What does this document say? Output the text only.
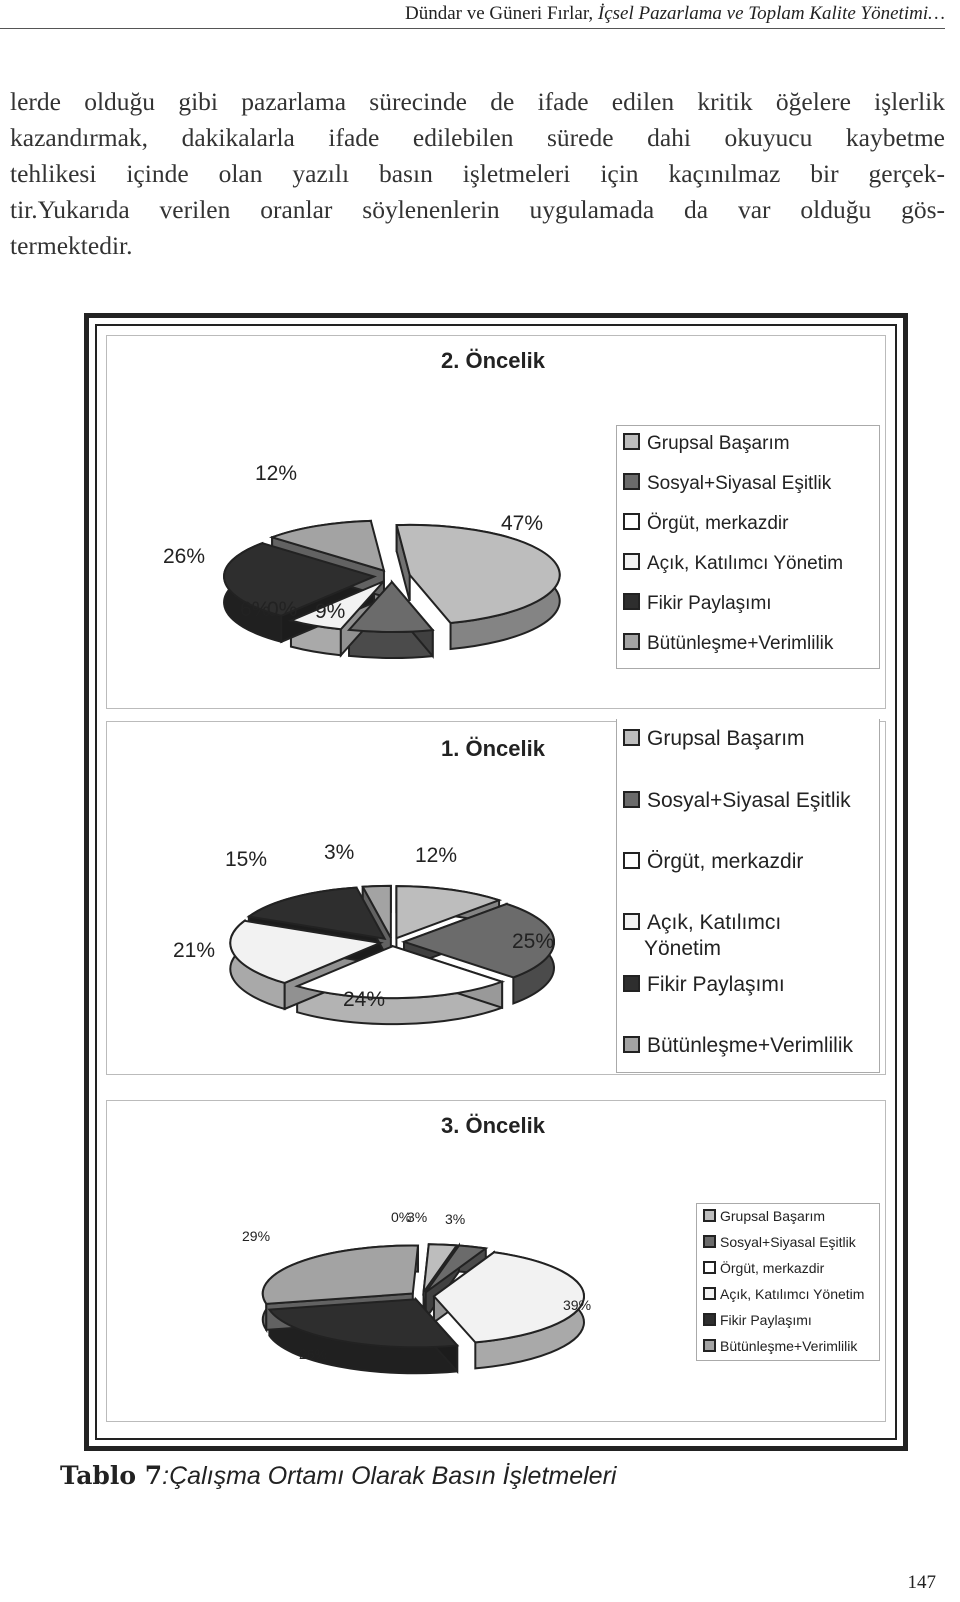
Dündar ve Güneri Fırlar, İçsel Pazarlama ve Toplam Kalite Yönetimi…
lerde olduğu gibi pazarlama sürecinde de ifade edilen kritik öğelere işlerlik
kazandırmak, dakikalarla ifade edilebilen sürede dahi okuyucu kaybetme
tehlikesi içinde olan yazılı basın işletmeleri için kaçınılmaz bir gerçek-
tir.Yukarıda verilen oranlar söylenenlerin uygulamada da var olduğu gös-
termektedir.
2. Öncelik
47%
9%
0%
6%
26%
12%
Grupsal Başarım
Sosyal+Siyasal Eşitlik
Örgüt, merkazdir
Açık, Katılımcı Yönetim
Fikir Paylaşımı
Bütünleşme+Verimlilik
1. Öncelik
12%
25%
24%
21%
15%	3%
Grupsal Başarım
Sosyal+Siyasal Eşitlik
Örgüt, merkazdir
Açık, Katılımcı
Yönetim
Fikir Paylaşımı
Bütünleşme+Verimlilik
3. Öncelik
3%
3%
0%
39%
26%
29%
Grupsal Başarım
Sosyal+Siyasal Eşitlik
Örgüt, merkazdir
Açık, Katılımcı Yönetim
Fikir Paylaşımı
Bütünleşme+Verimlilik
Tablo 7:Çalışma Ortamı Olarak Basın İşletmeleri
147
